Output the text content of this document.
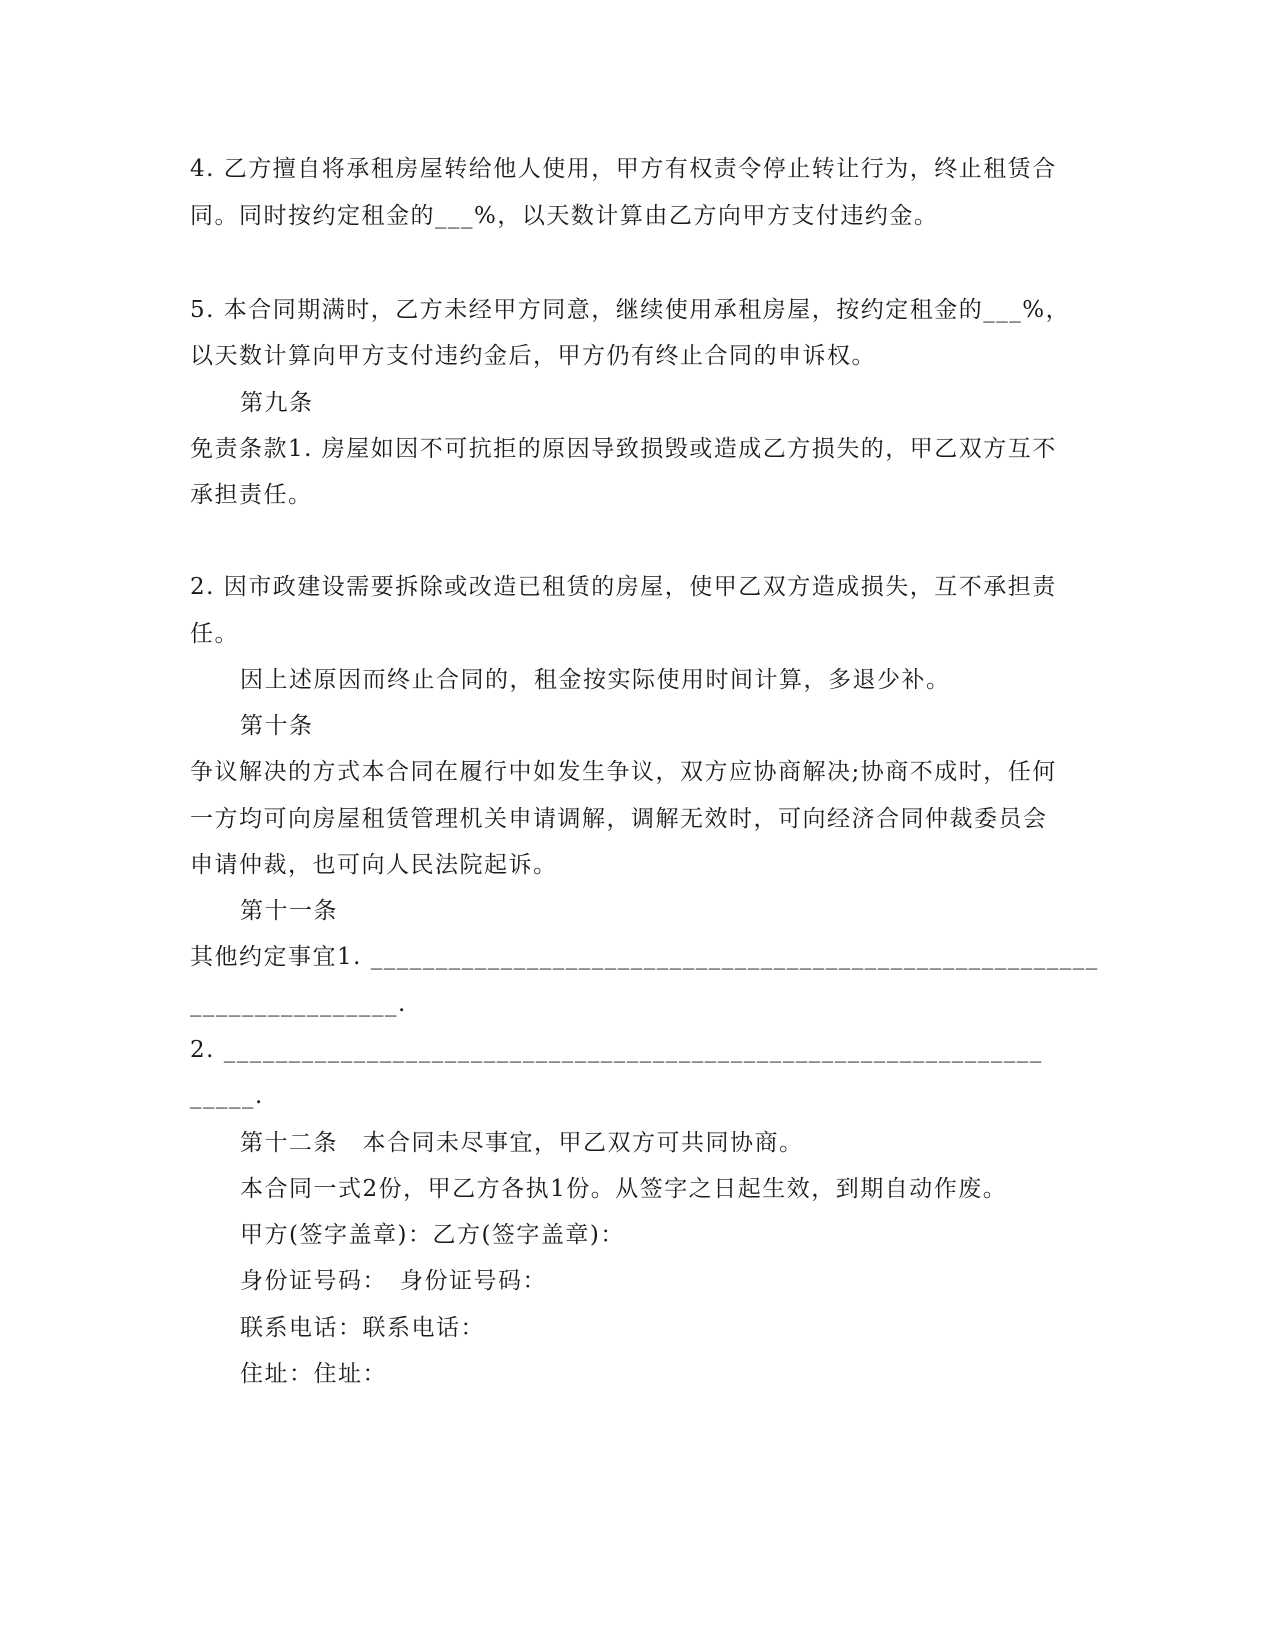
4. 乙方擅自将承租房屋转给他人使用，甲方有权责令停止转让行为，终止租赁合
同。同时按约定租金的___%，以天数计算由乙方向甲方支付违约金。
5. 本合同期满时，乙方未经甲方同意，继续使用承租房屋，按约定租金的___%，
以天数计算向甲方支付违约金后，甲方仍有终止合同的申诉权。
第九条
免责条款1. 房屋如因不可抗拒的原因导致损毁或造成乙方损失的，甲乙双方互不
承担责任。
2. 因市政建设需要拆除或改造已租赁的房屋，使甲乙双方造成损失，互不承担责
任。
因上述原因而终止合同的，租金按实际使用时间计算，多退少补。
第十条
争议解决的方式本合同在履行中如发生争议，双方应协商解决;协商不成时，任何
一方均可向房屋租赁管理机关申请调解，调解无效时，可向经济合同仲裁委员会
申请仲裁，也可向人民法院起诉。
第十一条
其他约定事宜1. ________________________________________________________
________________.
2. _______________________________________________________________
_____.
第十二条　本合同未尽事宜，甲乙双方可共同协商。
本合同一式2份，甲乙方各执1份。从签字之日起生效，到期自动作废。
甲方(签字盖章)：乙方(签字盖章)：
身份证号码：　身份证号码：
联系电话：联系电话：
住址：住址：
